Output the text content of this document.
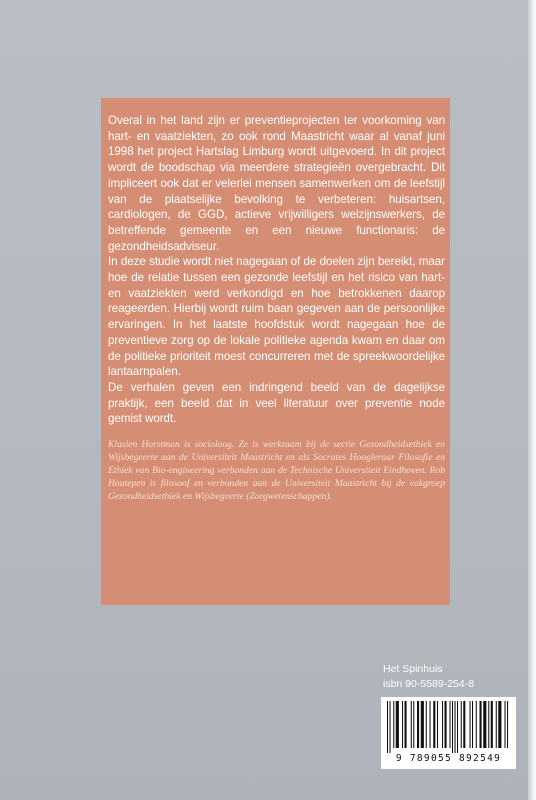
Overal in het land zijn er preventieprojecten ter voorkoming van hart- en vaatziekten, zo ook rond Maastricht waar al vanaf juni 1998 het project Hartslag Limburg wordt uitgevoerd. In dit project wordt de boodschap via meerdere strategieën overgebracht. Dit impliceert ook dat er velerlei mensen samenwerken om de leefstijl van de plaatselijke bevolking te verbeteren: huisartsen, cardiologen, de GGD, actieve vrijwilligers welzijnswerkers, de betreffende gemeente en een nieuwe functionaris: de gezondheidsadviseur.

In deze studie wordt niet nagegaan of de doelen zijn bereikt, maar hoe de relatie tussen een gezonde leefstijl en het risico van hart- en vaatziekten werd verkondigd en hoe betrokkenen daarop reageerden. Hierbij wordt ruim baan gegeven aan de persoonlijke ervaringen. In het laatste hoofdstuk wordt nagegaan hoe de preventieve zorg op de lokale politieke agenda kwam en daar om de politieke prioriteit moest concurreren met de spreekwoordelijke lantaarnpalen.

De verhalen geven een indringend beeld van de dagelijkse praktijk, een beeld dat in veel literatuur over preventie node gemist wordt.

Klasien Horstman is socioloog. Ze is werkzaam bij de sectie Gezondheidsethiek en Wijsbegeerte aan de Universiteit Maastricht en als Socrates Hoogleraar Filosofie en Ethiek van Bio-engineering verbonden aan de Technische Universiteit Eindhoven. Rob Houtepen is filosoof en verbonden aan de Universiteit Maastricht bij de vakgroep Gezondheidsethiek en Wijsbegeerte (Zorgwetenschappen).

Het Spinhuis
isbn 90-5589-254-8
9 789055 892549
